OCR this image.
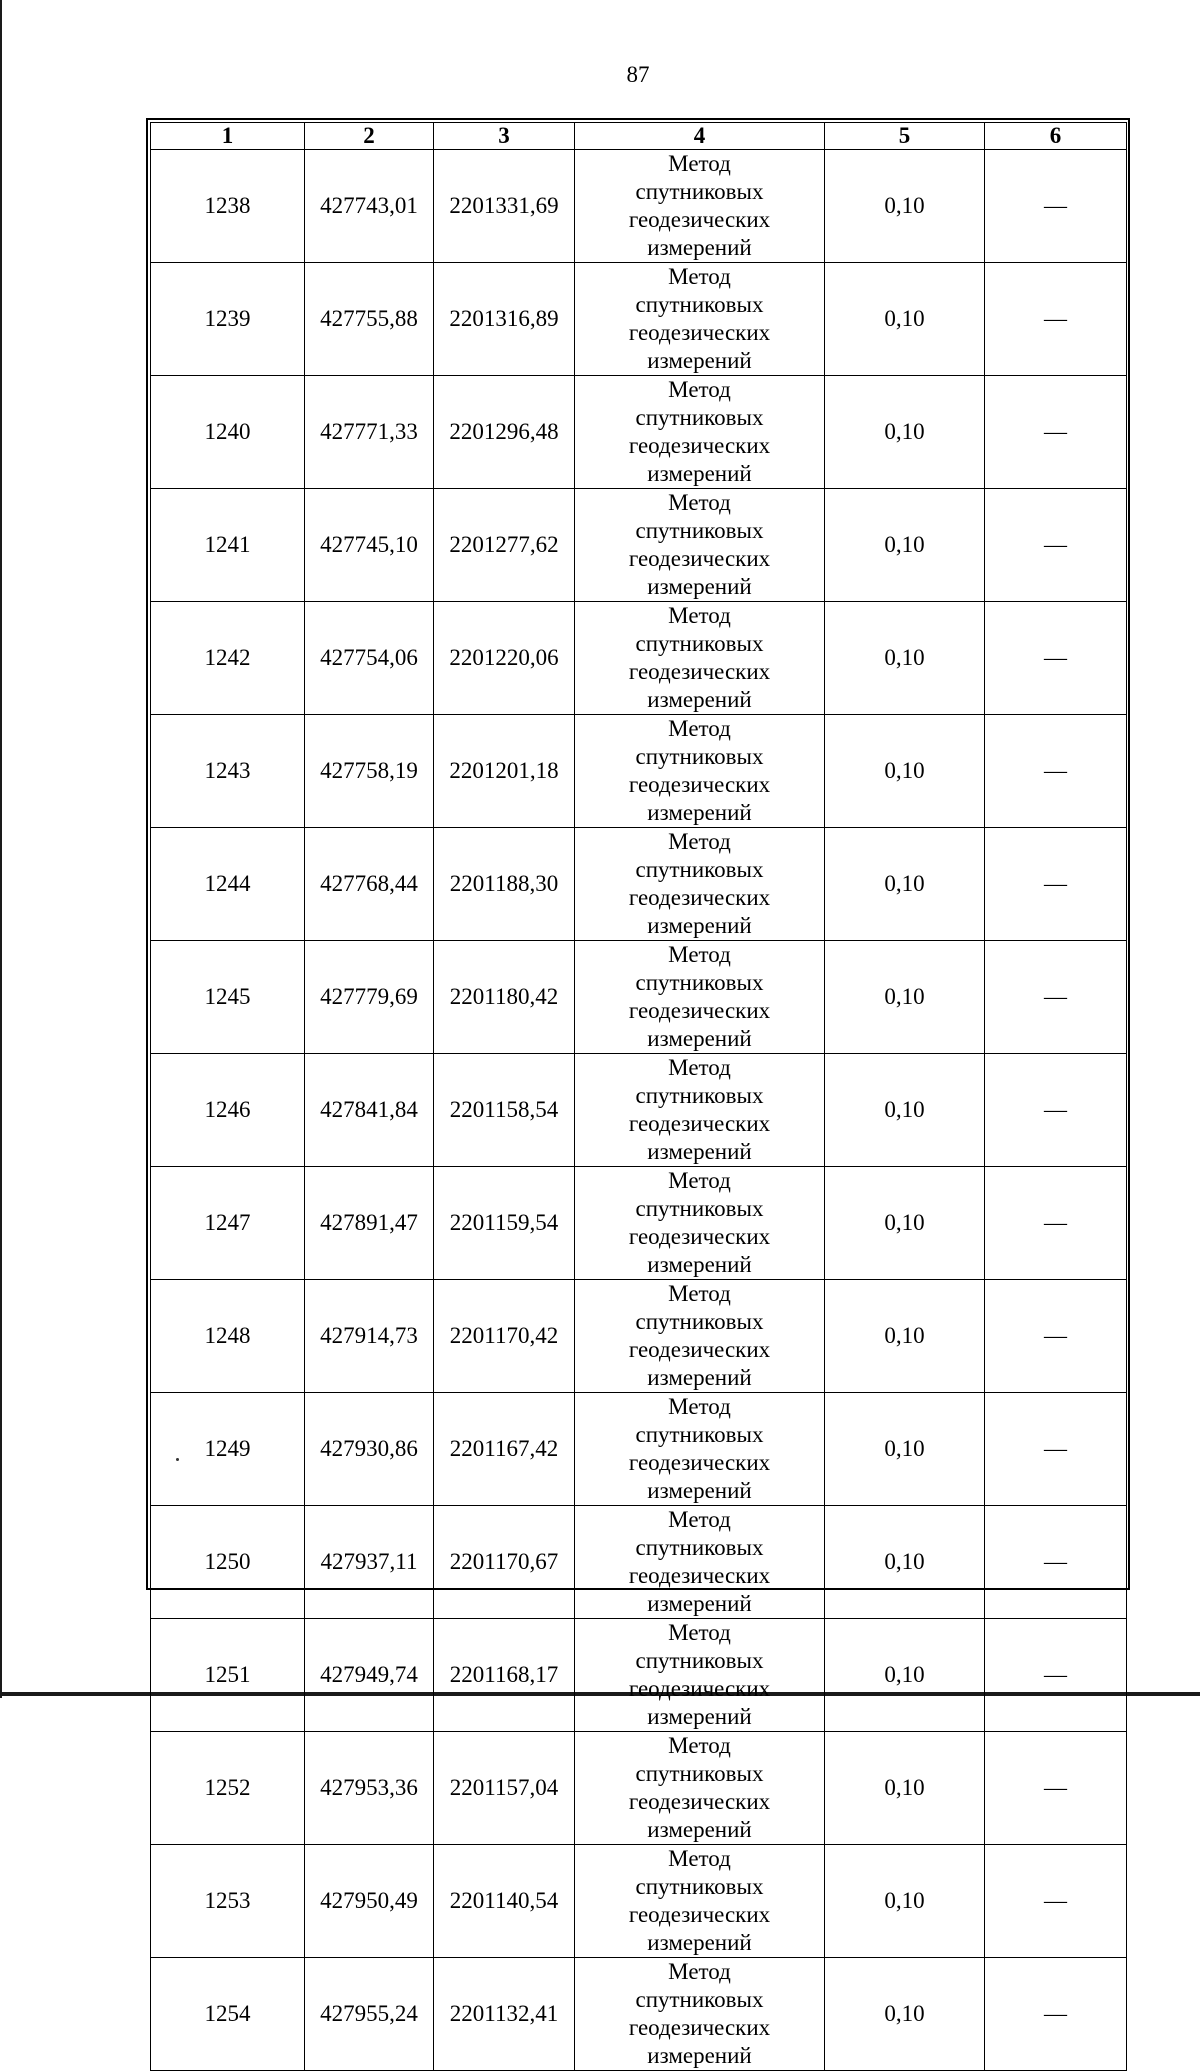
87
1	2	3	4	5	6
1238	427743,01	2201331,69	Метод
спутниковых
геодезических
измерений	0,10	—
1239	427755,88	2201316,89	Метод
спутниковых
геодезических
измерений	0,10	—
1240	427771,33	2201296,48	Метод
спутниковых
геодезических
измерений	0,10	—
1241	427745,10	2201277,62	Метод
спутниковых
геодезических
измерений	0,10	—
1242	427754,06	2201220,06	Метод
спутниковых
геодезических
измерений	0,10	—
1243	427758,19	2201201,18	Метод
спутниковых
геодезических
измерений	0,10	—
1244	427768,44	2201188,30	Метод
спутниковых
геодезических
измерений	0,10	—
1245	427779,69	2201180,42	Метод
спутниковых
геодезических
измерений	0,10	—
1246	427841,84	2201158,54	Метод
спутниковых
геодезических
измерений	0,10	—
1247	427891,47	2201159,54	Метод
спутниковых
геодезических
измерений	0,10	—
1248	427914,73	2201170,42	Метод
спутниковых
геодезических
измерений	0,10	—
1249	427930,86	2201167,42	Метод
спутниковых
геодезических
измерений	0,10	—
1250	427937,11	2201170,67	Метод
спутниковых
геодезических
измерений	0,10	—
1251	427949,74	2201168,17	Метод
спутниковых
геодезических
измерений	0,10	—
1252	427953,36	2201157,04	Метод
спутниковых
геодезических
измерений	0,10	—
1253	427950,49	2201140,54	Метод
спутниковых
геодезических
измерений	0,10	—
1254	427955,24	2201132,41	Метод
спутниковых
геодезических
измерений	0,10	—
